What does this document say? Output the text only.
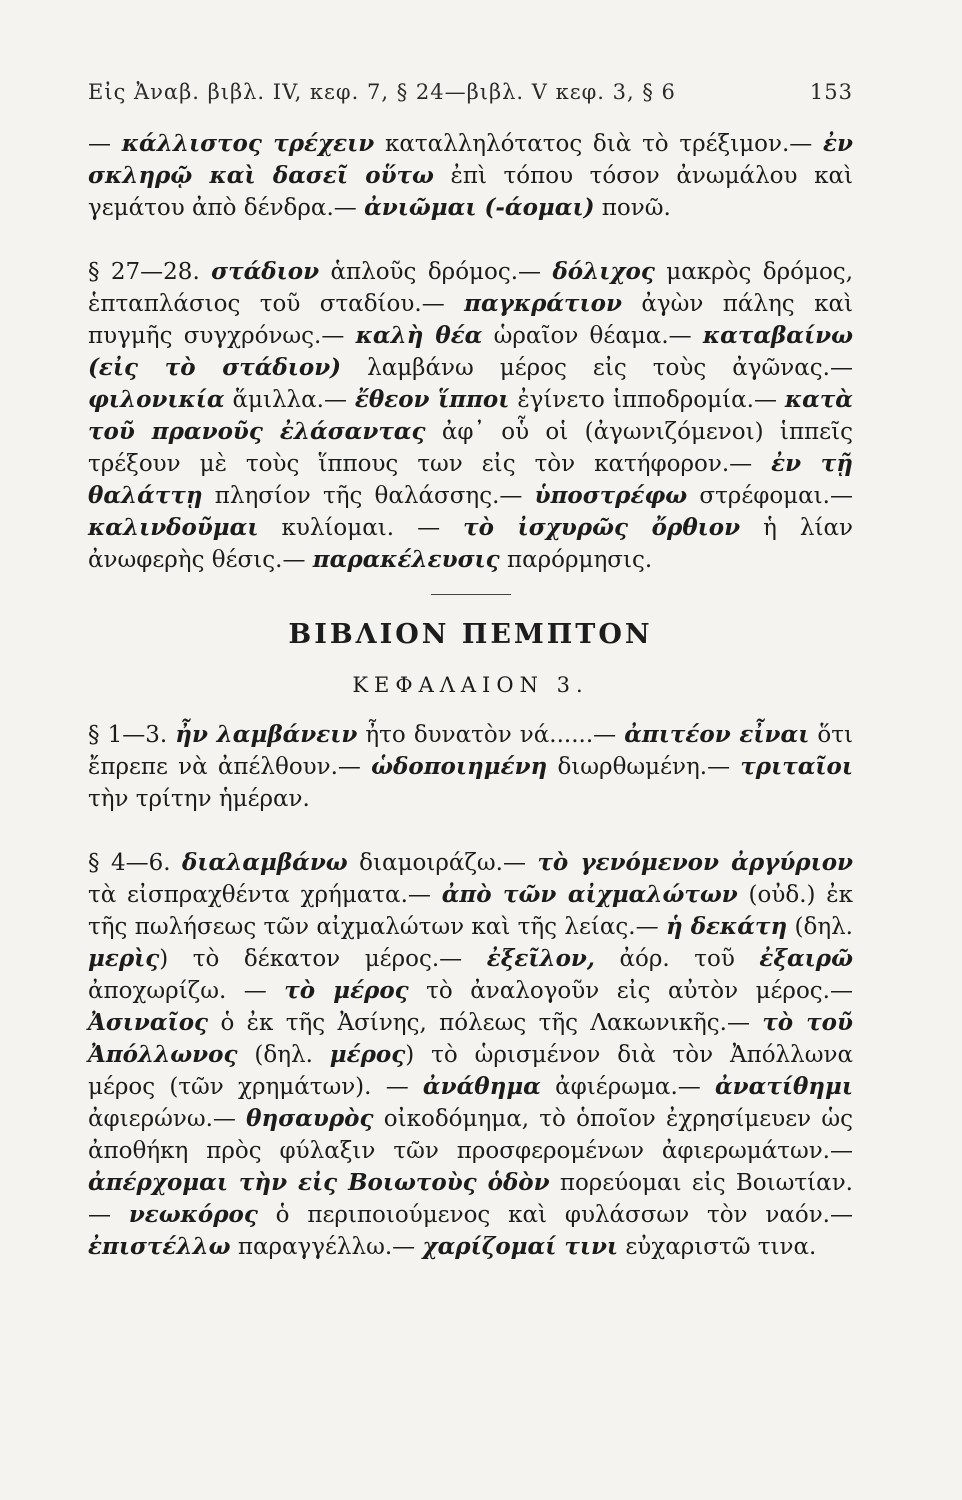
Εἰς Ἀναβ. βιβλ. IV, κεφ. 7, § 24—βιβλ. V κεφ. 3, § 6	153

— κάλλιστος τρέχειν καταλληλότατος διὰ τὸ τρέξιμον.— ἐν σκληρῷ καὶ δασεῖ οὕτω ἐπὶ τόπου τόσον ἀνωμάλου καὶ γεμάτου ἀπὸ δένδρα.— ἀνιῶμαι (-άομαι) πονῶ.

§ 27—28. στάδιον ἁπλοῦς δρόμος.— δόλιχος μακρὸς δρόμος, ἑπταπλάσιος τοῦ σταδίου.— παγκράτιον ἀγὼν πάλης καὶ πυγμῆς συγχρόνως.— καλὴ θέα ὡραῖον θέαμα.— καταβαίνω (εἰς τὸ στάδιον) λαμβάνω μέρος εἰς τοὺς ἀγῶνας.— φιλονικία ἅμιλλα.— ἔθεον ἵπποι ἐγίνετο ἱπποδρομία.— κατὰ τοῦ πρανοῦς ἐλάσαντας ἀφ᾽ οὗ οἱ (ἀγωνιζόμενοι) ἱππεῖς τρέξουν μὲ τοὺς ἵππους των εἰς τὸν κατήφορον.— ἐν τῇ θαλάττῃ πλησίον τῆς θαλάσσης.— ὑποστρέφω στρέφομαι.— καλινδοῦμαι κυλίομαι. — τὸ ἰσχυρῶς ὄρθιον ἡ λίαν ἀνωφερὴς θέσις.— παρακέλευσις παρόρμησις.

ΒΙΒΛΙΟΝ ΠΕΜΠΤΟΝ
ΚΕΦΑΛΑΙΟΝ 3.

§ 1—3. ἦν λαμβάνειν ἦτο δυνατὸν νά......— ἀπιτέον εἶναι ὅτι ἔπρεπε νὰ ἀπέλθουν.— ὡδοποιημένη διωρθωμένη.— τριταῖοι τὴν τρίτην ἡμέραν.

§ 4—6. διαλαμβάνω διαμοιράζω.— τὸ γενόμενον ἀργύριον τὰ εἰσπραχθέντα χρήματα.— ἀπὸ τῶν αἰχμαλώτων (οὐδ.) ἐκ τῆς πωλήσεως τῶν αἰχμαλώτων καὶ τῆς λείας.— ἡ δεκάτη (δηλ. μερὶς) τὸ δέκατον μέρος.— ἐξεῖλον, ἀόρ. τοῦ ἐξαιρῶ ἀποχωρίζω. — τὸ μέρος τὸ ἀναλογοῦν εἰς αὐτὸν μέρος.— Ἀσιναῖος ὁ ἐκ τῆς Ἀσίνης, πόλεως τῆς Λακωνικῆς.— τὸ τοῦ Ἀπόλλωνος (δηλ. μέρος) τὸ ὡρισμένον διὰ τὸν Ἀπόλλωνα μέρος (τῶν χρημάτων). — ἀνάθημα ἀφιέρωμα.— ἀνατίθημι ἀφιερώνω.— θησαυρὸς οἰκοδόμημα, τὸ ὁποῖον ἐχρησίμευεν ὡς ἀποθήκη πρὸς φύλαξιν τῶν προσφερομένων ἀφιερωμάτων.— ἀπέρχομαι τὴν εἰς Βοιωτοὺς ὁδὸν πορεύομαι εἰς Βοιωτίαν.— νεωκόρος ὁ περιποιούμενος καὶ φυλάσσων τὸν ναόν.— ἐπιστέλλω παραγγέλλω.— χαρίζομαί τινι εὐχαριστῶ τινα.
